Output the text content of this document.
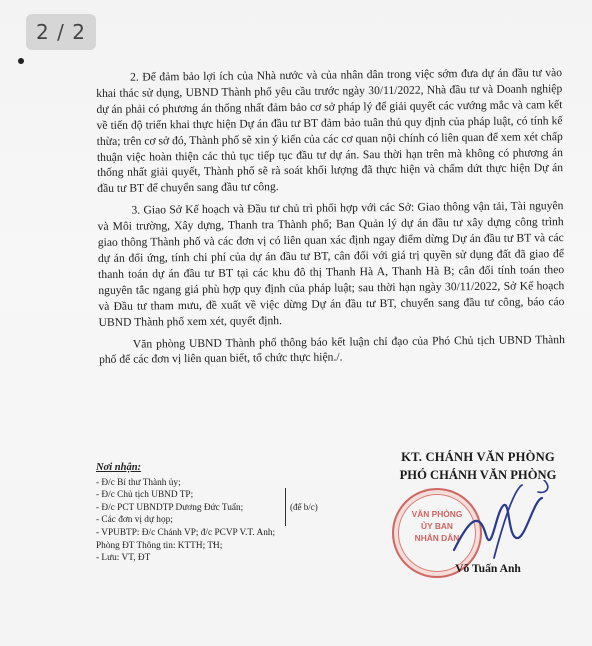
2 / 2

2. Để đảm bảo lợi ích của Nhà nước và của nhân dân trong việc sớm đưa dự án đầu tư vào khai thác sử dụng, UBND Thành phố yêu cầu trước ngày 30/11/2022, Nhà đầu tư và Doanh nghiệp dự án phải có phương án thống nhất đảm bảo cơ sở pháp lý để giải quyết các vướng mắc và cam kết về tiến độ triển khai thực hiện Dự án đầu tư BT đảm bảo tuân thủ quy định của pháp luật, có tính kế thừa; trên cơ sở đó, Thành phố sẽ xin ý kiến của các cơ quan nội chính có liên quan để xem xét chấp thuận việc hoàn thiện các thủ tục tiếp tục đầu tư dự án. Sau thời hạn trên mà không có phương án thống nhất giải quyết, Thành phố sẽ rà soát khối lượng đã thực hiện và chấm dứt thực hiện Dự án đầu tư BT để chuyển sang đầu tư công.

3. Giao Sở Kế hoạch và Đầu tư chủ trì phối hợp với các Sở: Giao thông vận tải, Tài nguyên và Môi trường, Xây dựng, Thanh tra Thành phố; Ban Quản lý dự án đầu tư xây dựng công trình giao thông Thành phố và các đơn vị có liên quan xác định ngay điểm dừng Dự án đầu tư BT và các dự án đối ứng, tính chi phí của dự án đầu tư BT, cân đối với giá trị quyền sử dụng đất đã giao để thanh toán dự án đầu tư BT tại các khu đô thị Thanh Hà A, Thanh Hà B; cân đối tính toán theo nguyên tắc ngang giá phù hợp quy định của pháp luật; sau thời hạn ngày 30/11/2022, Sở Kế hoạch và Đầu tư tham mưu, đề xuất về việc dừng Dự án đầu tư BT, chuyển sang đầu tư công, báo cáo UBND Thành phố xem xét, quyết định.

Văn phòng UBND Thành phố thông báo kết luận chỉ đạo của Phó Chủ tịch UBND Thành phố để các đơn vị liên quan biết, tổ chức thực hiện./.

Nơi nhận:
- Đ/c Bí thư Thành ủy;
- Đ/c Chủ tịch UBND TP;
- Đ/c PCT UBNDTP Dương Đức Tuấn;
- Các đơn vị dự họp;
- VPUBTP: Đ/c Chánh VP; đ/c PCVP V.T. Anh;
Phòng ĐT Thông tin: KTTH; TH;
- Lưu: VT, ĐT
(để b/c)
KT. CHÁNH VĂN PHÒNG
PHÓ CHÁNH VĂN PHÒNG
VĂN PHÒNG
ỦY BAN
NHÂN DÂN
Võ Tuấn Anh
